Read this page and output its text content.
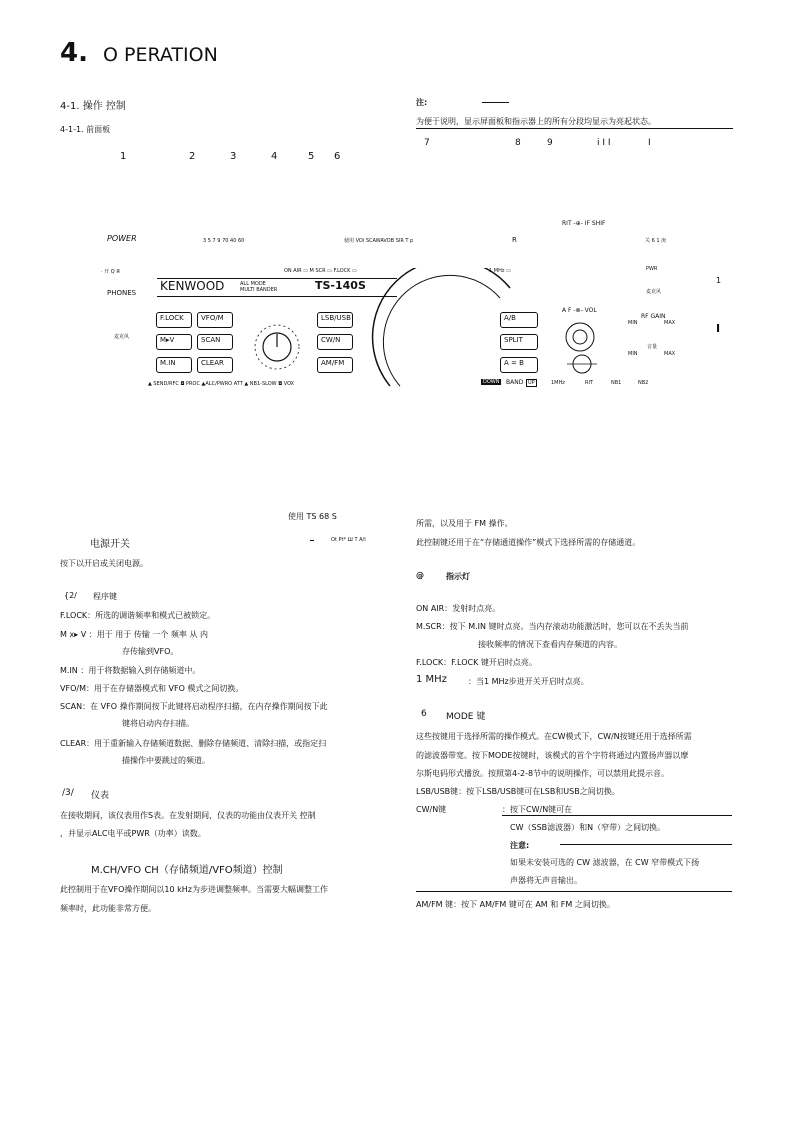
4. O PERATION
4-1. 操作 控制
4-1-1. 前面板
1	2	3	4	5 6
注:
为便于说明，显示屏面板和指示器上的所有分段均显示为亮起状态。
7	8	9	i I I	I
RIT -⊕- IF SHIF
POWER	3 5 7 9 70 40 60	使用 VOi SCAWAVOB SIR T p	R	关 6 1 庚
ON AIR ▭ M SCR ▭ F.LOCK ▭	1 MHz ▭	PWR
· 开 Q Я
PHONES KENWOOD	ALL MODE MULTI BANDER	TS-140S	麦克风
1
麦克风
F.LOCK	VFO/M
M▸V	SCAN
M.IN	CLEAR
LSB/USB
CW/N
AM/FM
A/B
SPLIT
A = B
A F -⊗- VOL
RF GAIN
MIN	MAX
音量
MIN	MAX
I
▲ SEND/RFC ◘ PROC ▲ALC/PWRO ATT ▲ NB1-SLOW ◘ VOX	DOWN	BAND UP	1MHz	RIT	NB1	NB2
使用 TS 68 S
电源开关	Ot Pt* Ш T A/I
按下以开启或关闭电源。
{2/ 程序键
F.LOCK：所选的调谐频率和模式已被锁定。
M x▸ V ：用于 用于 传输 一个 频率 从 内
存传输到VFO。
M.IN ：用于将数据输入到存储频道中。
VFO/M：用于在存储器模式和 VFO 模式之间切换。
SCAN：在 VFO 操作期间按下此键将启动程序扫描，在内存操作期间按下此
键将启动内存扫描。
CLEAR：用于重新输入存储频道数据、删除存储频道、清除扫描，或指定扫
描操作中要跳过的频道。
/3/ 仪表
在接收期间，该仪表用作S表。在发射期间，仪表的功能由仪表开关 控制
，并显示ALC电平或PWR（功率）读数。
M.CH/VFO CH（存储频道/VFO频道）控制
此控制用于在VFO操作期间以10 kHz为步进调整频率。当需要大幅调整工作
频率时，此功能非常方便。
所需，以及用于 FM 操作。
此控制键还用于在“存储通道操作”模式下选择所需的存储通道。
@	指示灯
ON AIR：发射时点亮。
M.SCR：按下 M.IN 键时点亮。当内存滚动功能激活时，您可以在不丢失当前
接收频率的情况下查看内存频道的内容。
F.LOCK：F.LOCK 键开启时点亮。
1 MHz	：当1 MHz步进开关开启时点亮。
6 MODE 键
这些按键用于选择所需的操作模式。在CW模式下，CW/N按键还用于选择所需
的滤波器带宽。按下MODE按键时，该模式的首个字符将通过内置扬声器以摩
尔斯电码形式播放。按照第4-2-8节中的说明操作，可以禁用此提示音。
LSB/USB键：按下LSB/USB键可在LSB和USB之间切换。
CW/N键	：按下CW/N键可在
CW（SSB滤波器）和N（窄带）之间切换。
注意:
如果未安装可选的 CW 滤波器，在 CW 窄带模式下扬
声器将无声音输出。
AM/FM 键：按下 AM/FM 键可在 AM 和 FM 之间切换。
